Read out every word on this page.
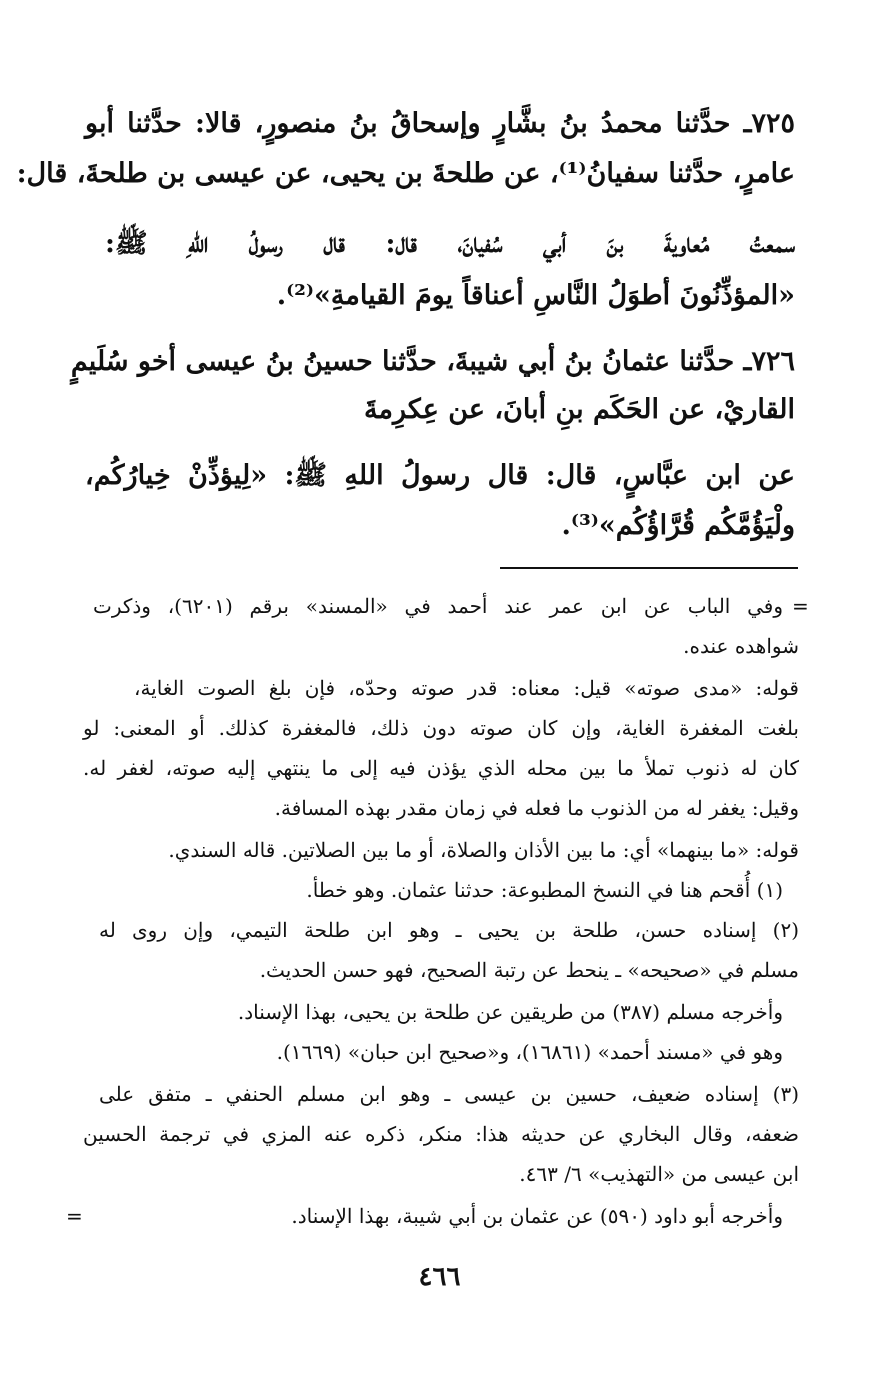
٧٢٥ـ حدَّثنا محمدُ بنُ بشَّارٍ وإسحاقُ بنُ منصورٍ، قالا: حدَّثنا أبو
عامرٍ، حدَّثنا سفيانُ⁽¹⁾، عن طلحةَ بن يحيى، عن عيسى بن طلحةَ، قال:
سمعتُ مُعاويةَ بنَ أبي سُفيانَ، قال: قال رسولُ اللهِ ﷺ:
«المؤذِّنُونَ أطوَلُ النَّاسِ أعناقاً يومَ القيامةِ»⁽²⁾.
٧٢٦ـ حدَّثنا عثمانُ بنُ أبي شيبةَ، حدَّثنا حسينُ بنُ عيسى أخو سُلَيمٍ
القاريْ، عن الحَكَم بنِ أبانَ، عن عِكرِمةَ
عن ابن عبَّاسٍ، قال: قال رسولُ اللهِ ﷺ: «لِيؤذِّنْ خِيارُكُم،
ولْيَؤُمَّكُم قُرَّاؤُكُم»⁽³⁾.
=
وفي الباب عن ابن عمر عند أحمد في «المسند» برقم (٦٢٠١)، وذكرت
شواهده عنده.
قوله: «مدى صوته» قيل: معناه: قدر صوته وحدّه، فإن بلغ الصوت الغاية،
بلغت المغفرة الغاية، وإن كان صوته دون ذلك، فالمغفرة كذلك. أو المعنى: لو
كان له ذنوب تملأ ما بين محله الذي يؤذن فيه إلى ما ينتهي إليه صوته، لغفر له.
وقيل: يغفر له من الذنوب ما فعله في زمان مقدر بهذه المسافة.
قوله: «ما بينهما» أي: ما بين الأذان والصلاة، أو ما بين الصلاتين. قاله السندي.
(١) أُقحم هنا في النسخ المطبوعة: حدثنا عثمان. وهو خطأ.
(٢) إسناده حسن، طلحة بن يحيى ـ وهو ابن طلحة التيمي، وإن روى له
مسلم في «صحيحه» ـ ينحط عن رتبة الصحيح، فهو حسن الحديث.
وأخرجه مسلم (٣٨٧) من طريقين عن طلحة بن يحيى، بهذا الإسناد.
وهو في «مسند أحمد» (١٦٨٦١)، و«صحيح ابن حبان» (١٦٦٩).
(٣) إسناده ضعيف، حسين بن عيسى ـ وهو ابن مسلم الحنفي ـ متفق على
ضعفه، وقال البخاري عن حديثه هذا: منكر، ذكره عنه المزي في ترجمة الحسين
ابن عيسى من «التهذيب» ٦/ ٤٦٣.
وأخرجه أبو داود (٥٩٠) عن عثمان بن أبي شيبة، بهذا الإسناد.
=
٤٦٦
